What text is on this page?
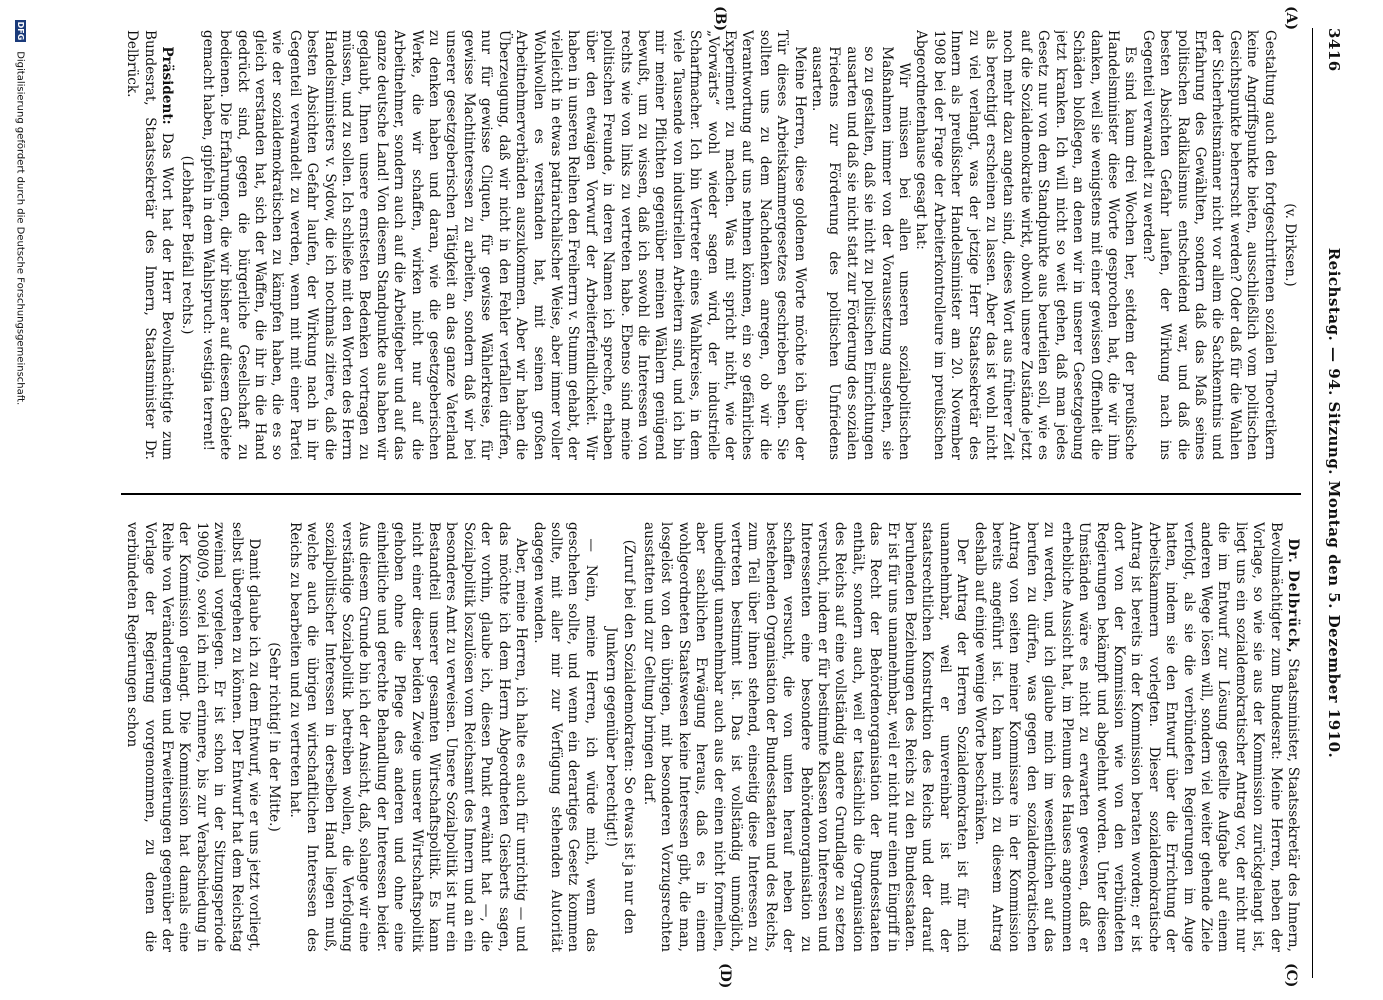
3416
Reichstag. — 94. Sitzung. Montag den 5. Dezember 1910.
(A)
(B)
(C)
(D)

(v. Dirksen.)

Gestaltung auch den fortgeschrittenen sozialen Theoretikern keine Angriffspunkte bieten, ausschließlich vom politischen Gesichtspunkte beherrscht werden? Oder daß für die Wahlen der Sicherheitsmänner nicht vor allem die Sachkenntnis und Erfahrung des Gewählten, sondern daß das Maß seines politischen Radikalismus entscheidend war, und daß die besten Absichten Gefahr laufen, der Wirkung nach ins Gegenteil verwandelt zu werden?

Es sind kaum drei Wochen her, seitdem der preußische Handelsminister diese Worte gesprochen hat, die wir ihm danken, weil sie wenigstens mit einer gewissen Offenheit die Schäden bloßlegen, an denen wir in unserer Gesetzgebung jetzt kranken. Ich will nicht so weit gehen, daß man jedes Gesetz nur von dem Standpunkte aus beurteilen soll, wie es auf die Sozialdemokratie wirkt, obwohl unsere Zustände jetzt noch mehr dazu angetan sind, dieses Wort aus früherer Zeit als berechtigt erscheinen zu lassen. Aber das ist wohl nicht zu viel verlangt, was der jetzige Herr Staatssekretär des Innern als preußischer Handelsminister am 20. November 1908 bei der Frage der Arbeiterkontrolleure im preußischen Abgeordnetenhause gesagt hat:

Wir müssen bei allen unseren sozialpolitischen Maßnahmen immer von der Voraussetzung ausgehen, sie so zu gestalten, daß sie nicht zu politischen Einrichtungen ausarten und daß sie nicht statt zur Förderung des sozialen Friedens zur Förderung des politischen Unfriedens ausarten.

Meine Herren, diese goldenen Worte möchte ich über der Tür dieses Arbeitskammergesetzes geschrieben sehen. Sie sollten uns zu dem Nachdenken anregen, ob wir die Verantwortung auf uns nehmen können, ein so gefährliches Experiment zu machen. Was mit spricht nicht, wie der „Vorwärts“ wohl wieder sagen wird, der industrielle Scharfmacher. Ich bin Vertreter eines Wahlkreises, in dem viele Tausende von industriellen Arbeitern sind, und ich bin mir meiner Pflichten gegenüber meinen Wählern genügend bewußt, um zu wissen, daß ich sowohl die Interessen von rechts wie von links zu vertreten habe. Ebenso sind meine politischen Freunde, in deren Namen ich spreche, erhaben über den etwaigen Vorwurf der Arbeiterfeindlichkeit. Wir haben in unseren Reihen den Freiherrn v. Stumm gehabt, der vielleicht in etwas patriarchalischer Weise, aber immer voller Wohlwollen es verstanden hat, mit seinen großen Arbeitnehmerverbänden auszukommen. Aber wir haben die Überzeugung, daß wir nicht in den Fehler verfallen dürfen, nur für gewisse Cliquen, für gewisse Wählerkreise, für gewisse Machtinteressen zu arbeiten, sondern daß wir bei unserer gesetzgeberischen Tätigkeit an das ganze Vaterland zu denken haben und daran, wie die gesetzgeberischen Werke, die wir schaffen, wirken nicht nur auf die Arbeitnehmer, sondern auch auf die Arbeitgeber und auf das ganze deutsche Land! Von diesem Standpunkte aus haben wir geglaubt, Ihnen unsere ernstesten Bedenken vortragen zu müssen, und zu sollen. Ich schließe mit den Worten des Herrn Handelsministers v. Sydow, die ich nochmals zitiere, daß die besten Absichten Gefahr laufen, der Wirkung nach in ihr Gegenteil verwandelt zu werden, wenn mit mit einer Partei wie der sozialdemokratischen zu kämpfen haben, die es so gleich verstanden hat, sich der Waffen, die ihr in die Hand gedrückt sind, gegen die bürgerliche Gesellschaft zu bedienen. Die Erfahrungen, die wir bisher auf diesem Gebiete gemacht haben, gipfeln in dem Wahlspruch: vestigia terrent!

(Lebhafter Beifall rechts.)

Präsident: Das Wort hat der Herr Bevollmächtigte zum Bundesrat, Staatssekretär des Innern, Staatsminister Dr. Delbrück.

Dr. Delbrück, Staatsminister, Staatssekretär des Innern, Bevollmächtigter zum Bundesrat: Meine Herren, neben der Vorlage, so wie sie aus der Kommission zurückgelangt ist, liegt uns ein sozialdemokratischer Antrag vor, der nicht nur die im Entwurf zur Lösung gestellte Aufgabe auf einem anderen Wege lösen will, sondern viel weiter gehende Ziele verfolgt, als sie die verbündeten Regierungen im Auge hatten, indem sie den Entwurf über die Errichtung der Arbeitskammern vorlegten. Dieser sozialdemokratische Antrag ist bereits in der Kommission beraten worden; er ist dort von der Kommission wie von den verbündeten Regierungen bekämpft und abgelehnt worden. Unter diesen Umständen wäre es nicht zu erwarten gewesen, daß er erhebliche Aussicht hat, im Plenum des Hauses angenommen zu werden, und ich glaube mich im wesentlichen auf das berufen zu dürfen, was gegen den sozialdemokratischen Antrag von seiten meiner Kommissare in der Kommission bereits angeführt ist. Ich kann mich zu diesem Antrag deshalb auf einige wenige Worte beschränken.

Der Antrag der Herren Sozialdemokraten ist für mich unannehmbar, weil er unvereinbar ist mit der staatsrechtlichen Konstruktion des Reichs und der darauf beruhenden Beziehungen des Reichs zu den Bundesstaaten. Er ist für uns unannehmbar, weil er nicht nur einen Eingriff in das Recht der Behördenorganisation der Bundesstaaten enthält, sondern auch, weil er tatsächlich die Organisation des Reichs auf eine vollständig andere Grundlage zu setzen versucht, indem er für bestimmte Klassen von Interessen und Interessenten eine besondere Behördenorganisation zu schaffen versucht, die von unten herauf neben der bestehenden Organisation der Bundesstaaten und des Reichs, zum Teil über ihnen stehend, einseitig diese Interessen zu vertreten bestimmt ist. Das ist vollständig unmöglich, unbedingt unannehmbar auch aus der einen nicht formellen, aber sachlichen Erwägung heraus, daß es in einem wohlgeordneten Staatswesen keine Interessen gibt, die man, losgelöst von den übrigen, mit besonderen Vorzugsrechten ausstatten und zur Geltung bringen darf.

(Zuruf bei den Sozialdemokraten: So etwas ist ja nur den Junkern gegenüber berechtigt!)

— Nein, meine Herren, ich würde mich, wenn das geschehen sollte, und wenn ein derartiges Gesetz kommen sollte, mit aller mir zur Verfügung stehenden Autorität dagegen wenden.

Aber, meine Herren, ich halte es auch für unrichtig — und das möchte ich dem Herrn Abgeordneten Giesberts sagen, der vorhin, glaube ich, diesen Punkt erwähnt hat —, die Sozialpolitik loszulösen vom Reichsamt des Innern und an ein besonderes Amt zu verweisen. Unsere Sozialpolitik ist nur ein Bestandteil unserer gesamten Wirtschaftspolitik. Es kann nicht einer dieser beiden Zweige unserer Wirtschaftspolitik gehoben ohne die Pflege des anderen und ohne eine einheitliche und gerechte Behandlung der Interessen beider. Aus diesem Grunde bin ich der Ansicht, daß, solange wir eine verständige Sozialpolitik betreiben wollen, die Verfolgung sozialpolitischer Interessen in derselben Hand liegen muß, welche auch die übrigen wirtschaftlichen Interessen des Reichs zu bearbeiten und zu vertreten hat.

(Sehr richtig! in der Mitte.)

Damit glaube ich zu dem Entwurf, wie er uns jetzt vorliegt, selbst übergehen zu können. Der Entwurf hat dem Reichstag zweimal vorgelegen. Er ist schon in der Sitzungsperiode 1908/09, soviel ich mich erinnere, bis zur Verabschiedung in der Kommission gelangt. Die Kommission hat damals eine Reihe von Veränderungen und Erweiterungen gegenüber der Vorlage der Regierung vorgenommen, zu denen die verbündeten Regierungen schon

DFG Digitalisierung gefördert durch die Deutsche Forschungsgemeinschaft.
